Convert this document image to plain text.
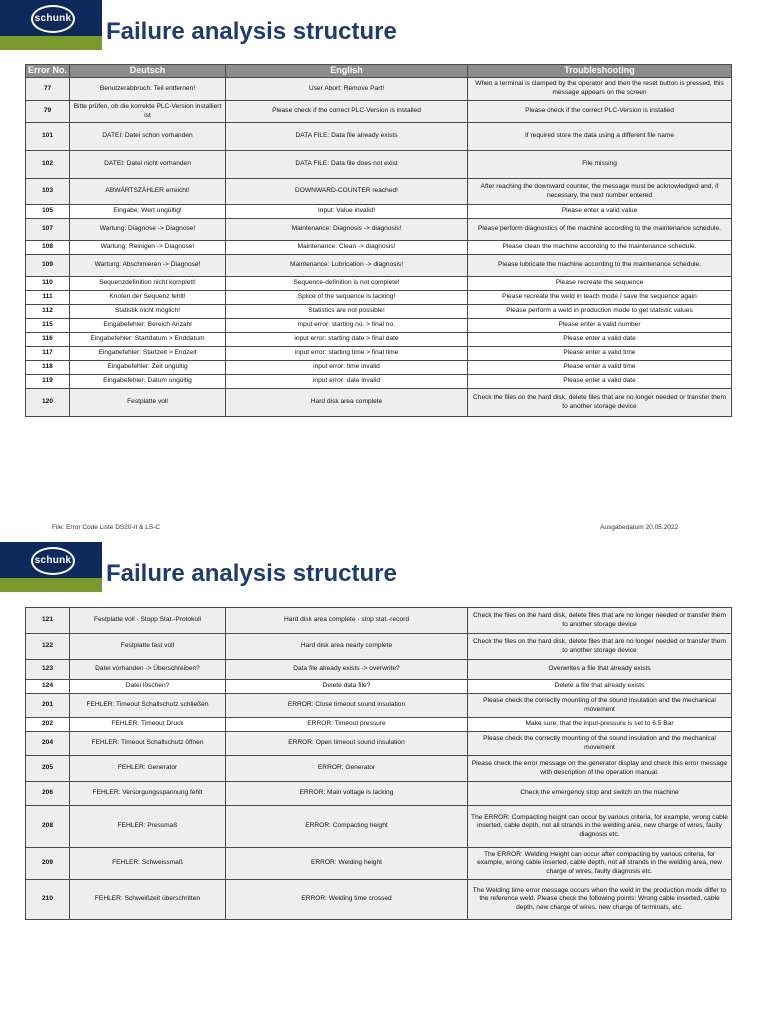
schunk Failure analysis structure
Error No.	Deutsch	English	Troubleshooting
77	Benutzerabbruch: Teil entfernen!	User Abort: Remove Part!	When a terminal is clamped by the operator and then the reset button is pressed, this message appears on the screen
79	Bitte prüfen, ob die korrekte PLC-Version installiert ist	Please check if the correct PLC-Version is installed	Please check if the correct PLC-Version is installed
101	DATEI: Datei schon vorhanden	DATA FILE: Data file already exists	If required store the data using a different file name
102	DATEI: Datei nicht vorhanden	DATA FILE: Data file does not exist	File missing
103	ABWÄRTSZÄHLER erreicht!	DOWNWARD-COUNTER reached!	After reaching the downward counter, the message must be acknowledged and, if necessary, the next number entered
105	Eingabe: Wert ungültig!	Input: Value invalid!	Please enter a valid value
107	Wartung: Diagnose -> Diagnose!	Maintenance: Diagnosis -> diagnosis!	Please perform diagnostics of the machine according to the maintenance schedule.
108	Wartung: Reinigen -> Diagnose!	Maintenance: Clean -> diagnosis!	Please clean the machine according to the maintenance schedule.
109	Wartung: Abschmieren -> Diagnose!	Maintenance: Lubrication -> diagnosis!	Please lubricate the machine according to the maintenance schedule.
110	Sequenzdefinition nicht komplett!	Sequence-definition is not complete!	Please recreate the sequence
111	Knoten der Sequenz fehlt!	Splice of the sequence is lacking!	Please recreate the weld in teach mode / save the sequence again
112	Statistik nicht möglich!	Statistics are not possible!	Please perform a weld in production mode to get statistic values
115	Eingabefehler: Bereich Anzahl	input error: starting no. > final no.	Please enter a valid number
116	Eingabefehler: Startdatum > Enddatum	input error: starting date > final date	Please enter a valid date
117	Eingabefehler: Startzeit > Endzeit	input error: starting time > final time	Please enter a valid time
118	Eingabefehler: Zeit ungültig	input error: time invalid	Please enter a valid time
119	Eingabefehler: Datum ungültig	input error: date invalid	Please enter a valid date
120	Festplatte voll	Hard disk area complete	Check the files on the hard disk, delete files that are no longer needed or transfer them to another storage device
File: Error Code Liste DS20-II & LS-C	Ausgabedatum 20.05.2022
schunk Failure analysis structure
121	Festplatte voll - Stopp Stat.-Protokoll	Hard disk area complete - stop stat.-record	Check the files on the hard disk, delete files that are no longer needed or transfer them to another storage device
122	Festplatte fast voll	Hard disk area nearly complete	Check the files on the hard disk, delete files that are no longer needed or transfer them to another storage device
123	Datei vorhanden -> Überschreiben?	Data file already exists -> overwrite?	Overwrites a file that already exists
124	Datei löschen?	Delete data file?	Delete a file that already exists
201	FEHLER: Timeout Schallschutz schließen	ERROR: Close timeout sound insulation	Please check the correctly mounting of the sound insulation and the mechanical movement
202	FEHLER: Timeout Druck	ERROR: Timeout pressure	Make sure, that the input-pressure is set to 6.5 Bar
204	FEHLER: Timeout Schallschutz öffnen	ERROR: Open timeout sound insulation	Please check the correctly mounting of the sound insulation and the mechanical movement
205	FEHLER: Generator	ERROR: Generator	Please check the error message on the generator display and check this error message with description of the operation manual.
206	FEHLER: Versorgungsspannung fehlt	ERROR: Main voltage is lacking	Check the emergency stop and switch on the machine
208	FEHLER: Pressmaß	ERROR: Compacting height	The ERROR: Compacting height can occur by various criteria, for example, wrong cable inserted, cable depth, not all strands in the welding area, new charge of wires, faulty diagnosis etc.
209	FEHLER: Schweissmaß	ERROR: Welding height	The ERROR: Welding Height can occur after compacting by various criteria, for example, wrong cable inserted, cable depth, not all strands in the welding area, new charge of wires, faulty diagnosis etc.
210	FEHLER: Schweißzeit überschritten	ERROR: Welding time crossed	The Welding time error message occurs when the weld in the production mode differ to the reference weld. Please check the following points: Wrong cable inserted, cable depth, new charge of wires, new charge of terminals, etc.
